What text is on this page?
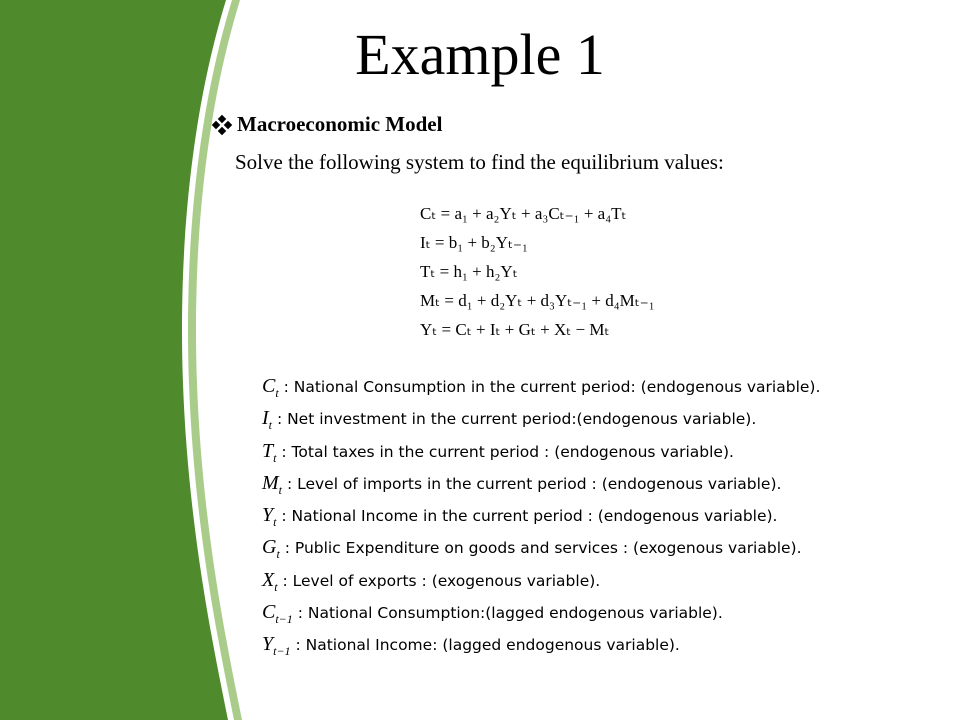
Example 1
Macroeconomic Model
Solve the following system to find the equilibrium values:
Cₜ = a₁ + a₂Yₜ + a₃Cₜ₋₁ + a₄Tₜ
Iₜ = b₁ + b₂Yₜ₋₁
Tₜ = h₁ + h₂Yₜ
Mₜ = d₁ + d₂Yₜ + d₃Yₜ₋₁ + d₄Mₜ₋₁
Yₜ = Cₜ + Iₜ + Gₜ + Xₜ − Mₜ
$C_t$ : National Consumption in the current period: (endogenous variable).
$I_t$ : Net investment in the current period:(endogenous variable).
$T_t$ : Total taxes in the current period : (endogenous variable).
$M_t$ : Level of imports in the current period : (endogenous variable).
$Y_t$ : National Income in the current period : (endogenous variable).
$G_t$ : Public Expenditure on goods and services : (exogenous variable).
$X_t$ : Level of exports : (exogenous variable).
$C_{t-1}$ : National Consumption:(lagged endogenous variable).
$Y_{t-1}$ : National Income: (lagged endogenous variable).
